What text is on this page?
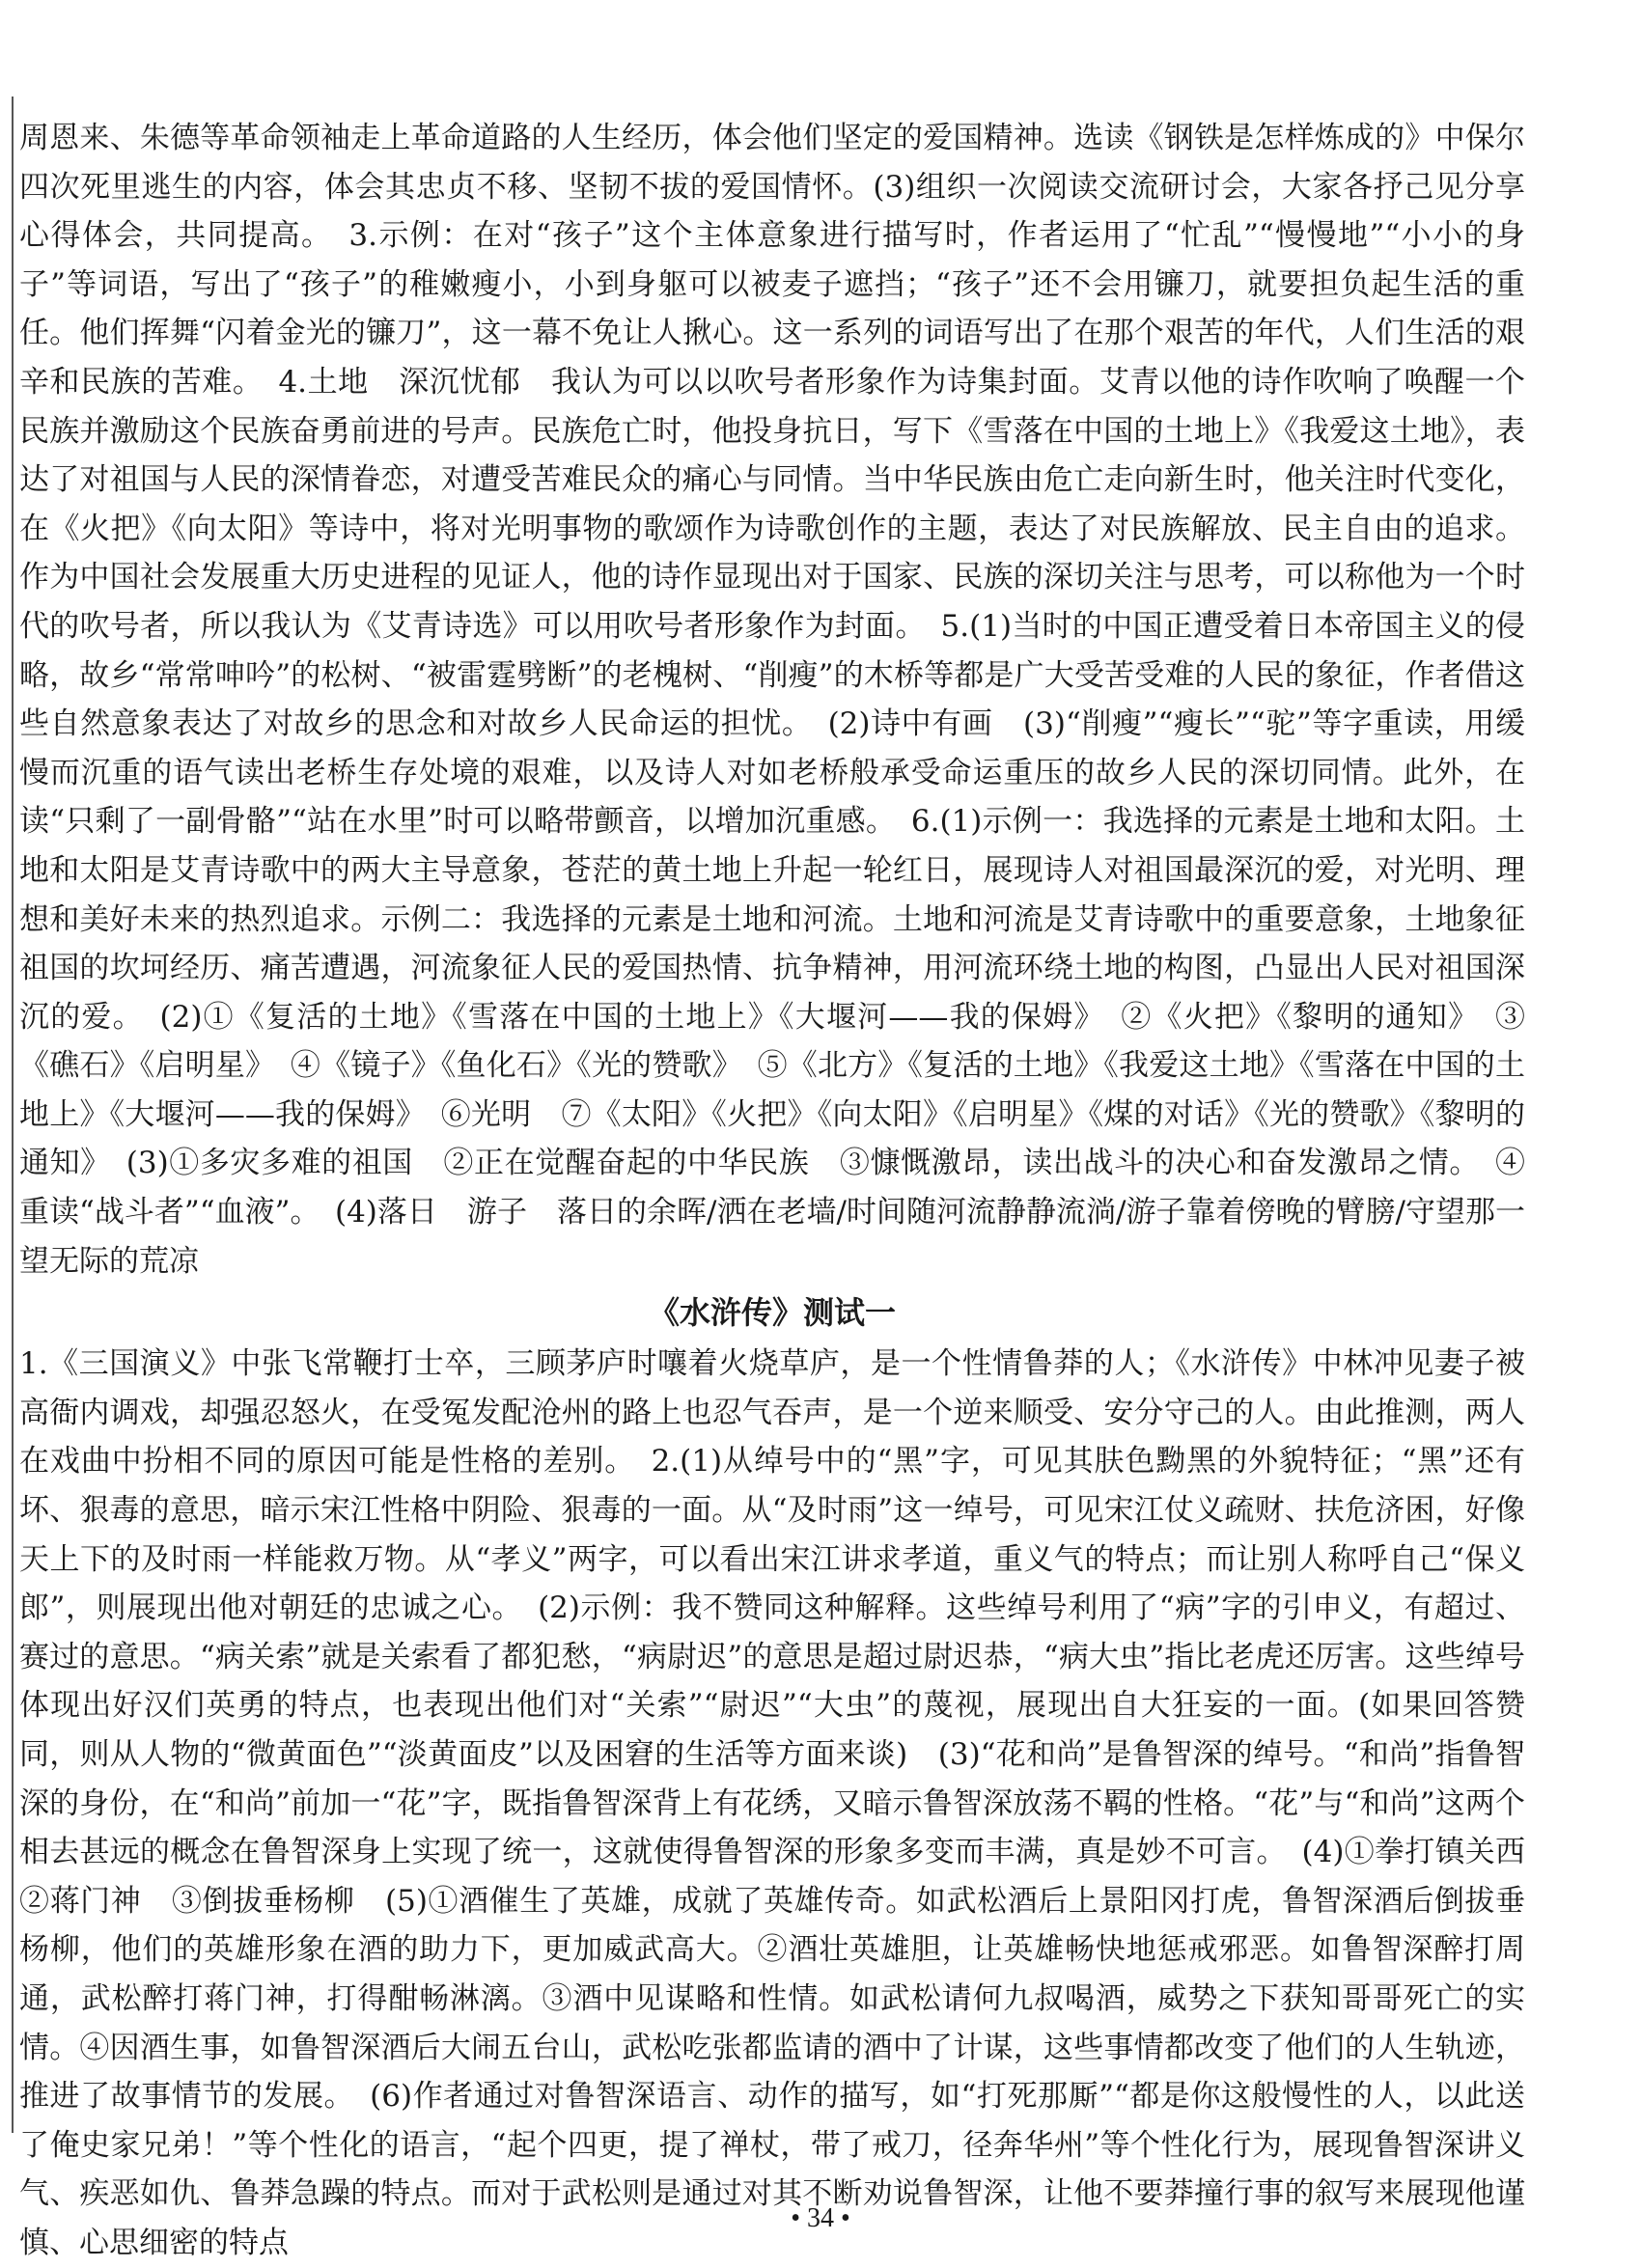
周恩来、朱德等革命领袖走上革命道路的人生经历，体会他们坚定的爱国精神。选读《钢铁是怎样炼成的》中保尔四次死里逃生的内容，体会其忠贞不移、坚韧不拔的爱国情怀。(3)组织一次阅读交流研讨会，大家各抒己见分享心得体会，共同提高。　3.示例：在对“孩子”这个主体意象进行描写时，作者运用了“忙乱”“慢慢地”“小小的身子”等词语，写出了“孩子”的稚嫩瘦小，小到身躯可以被麦子遮挡；“孩子”还不会用镰刀，就要担负起生活的重任。他们挥舞“闪着金光的镰刀”，这一幕不免让人揪心。这一系列的词语写出了在那个艰苦的年代，人们生活的艰辛和民族的苦难。　4.土地　深沉忧郁　我认为可以以吹号者形象作为诗集封面。艾青以他的诗作吹响了唤醒一个民族并激励这个民族奋勇前进的号声。民族危亡时，他投身抗日，写下《雪落在中国的土地上》《我爱这土地》，表达了对祖国与人民的深情眷恋，对遭受苦难民众的痛心与同情。当中华民族由危亡走向新生时，他关注时代变化，在《火把》《向太阳》等诗中，将对光明事物的歌颂作为诗歌创作的主题，表达了对民族解放、民主自由的追求。作为中国社会发展重大历史进程的见证人，他的诗作显现出对于国家、民族的深切关注与思考，可以称他为一个时代的吹号者，所以我认为《艾青诗选》可以用吹号者形象作为封面。　5.(1)当时的中国正遭受着日本帝国主义的侵略，故乡“常常呻吟”的松树、“被雷霆劈断”的老槐树、“削瘦”的木桥等都是广大受苦受难的人民的象征，作者借这些自然意象表达了对故乡的思念和对故乡人民命运的担忧。　(2)诗中有画　(3)“削瘦”“瘦长”“驼”等字重读，用缓慢而沉重的语气读出老桥生存处境的艰难，以及诗人对如老桥般承受命运重压的故乡人民的深切同情。此外，在读“只剩了一副骨骼”“站在水里”时可以略带颤音，以增加沉重感。　6.(1)示例一：我选择的元素是土地和太阳。土地和太阳是艾青诗歌中的两大主导意象，苍茫的黄土地上升起一轮红日，展现诗人对祖国最深沉的爱，对光明、理想和美好未来的热烈追求。示例二：我选择的元素是土地和河流。土地和河流是艾青诗歌中的重要意象，土地象征祖国的坎坷经历、痛苦遭遇，河流象征人民的爱国热情、抗争精神，用河流环绕土地的构图，凸显出人民对祖国深沉的爱。　(2)①《复活的土地》《雪落在中国的土地上》《大堰河——我的保姆》　②《火把》《黎明的通知》　③《礁石》《启明星》　④《镜子》《鱼化石》《光的赞歌》　⑤《北方》《复活的土地》《我爱这土地》《雪落在中国的土地上》《大堰河——我的保姆》　⑥光明　⑦《太阳》《火把》《向太阳》《启明星》《煤的对话》《光的赞歌》《黎明的通知》　(3)①多灾多难的祖国　②正在觉醒奋起的中华民族　③慷慨激昂，读出战斗的决心和奋发激昂之情。　④重读“战斗者”“血液”。　(4)落日　游子　落日的余晖/洒在老墙/时间随河流静静流淌/游子靠着傍晚的臂膀/守望那一望无际的荒凉

《水浒传》测试一

1.《三国演义》中张飞常鞭打士卒，三顾茅庐时嚷着火烧草庐，是一个性情鲁莽的人；《水浒传》中林冲见妻子被高衙内调戏，却强忍怒火，在受冤发配沧州的路上也忍气吞声，是一个逆来顺受、安分守己的人。由此推测，两人在戏曲中扮相不同的原因可能是性格的差别。　2.(1)从绰号中的“黑”字，可见其肤色黝黑的外貌特征；“黑”还有坏、狠毒的意思，暗示宋江性格中阴险、狠毒的一面。从“及时雨”这一绰号，可见宋江仗义疏财、扶危济困，好像天上下的及时雨一样能救万物。从“孝义”两字，可以看出宋江讲求孝道，重义气的特点；而让别人称呼自己“保义郎”，则展现出他对朝廷的忠诚之心。　(2)示例：我不赞同这种解释。这些绰号利用了“病”字的引申义，有超过、赛过的意思。“病关索”就是关索看了都犯愁，“病尉迟”的意思是超过尉迟恭，“病大虫”指比老虎还厉害。这些绰号体现出好汉们英勇的特点，也表现出他们对“关索”“尉迟”“大虫”的蔑视，展现出自大狂妄的一面。(如果回答赞同，则从人物的“微黄面色”“淡黄面皮”以及困窘的生活等方面来谈)　(3)“花和尚”是鲁智深的绰号。“和尚”指鲁智深的身份，在“和尚”前加一“花”字，既指鲁智深背上有花绣，又暗示鲁智深放荡不羁的性格。“花”与“和尚”这两个相去甚远的概念在鲁智深身上实现了统一，这就使得鲁智深的形象多变而丰满，真是妙不可言。　(4)①拳打镇关西　②蒋门神　③倒拔垂杨柳　(5)①酒催生了英雄，成就了英雄传奇。如武松酒后上景阳冈打虎，鲁智深酒后倒拔垂杨柳，他们的英雄形象在酒的助力下，更加威武高大。②酒壮英雄胆，让英雄畅快地惩戒邪恶。如鲁智深醉打周通，武松醉打蒋门神，打得酣畅淋漓。③酒中见谋略和性情。如武松请何九叔喝酒，威势之下获知哥哥死亡的实情。④因酒生事，如鲁智深酒后大闹五台山，武松吃张都监请的酒中了计谋，这些事情都改变了他们的人生轨迹，推进了故事情节的发展。　(6)作者通过对鲁智深语言、动作的描写，如“打死那厮”“都是你这般慢性的人，以此送了俺史家兄弟！”等个性化的语言，“起个四更，提了禅杖，带了戒刀，径奔华州”等个性化行为，展现鲁智深讲义气、疾恶如仇、鲁莽急躁的特点。而对于武松则是通过对其不断劝说鲁智深，让他不要莽撞行事的叙写来展现他谨慎、心思细密的特点

• 34 •
